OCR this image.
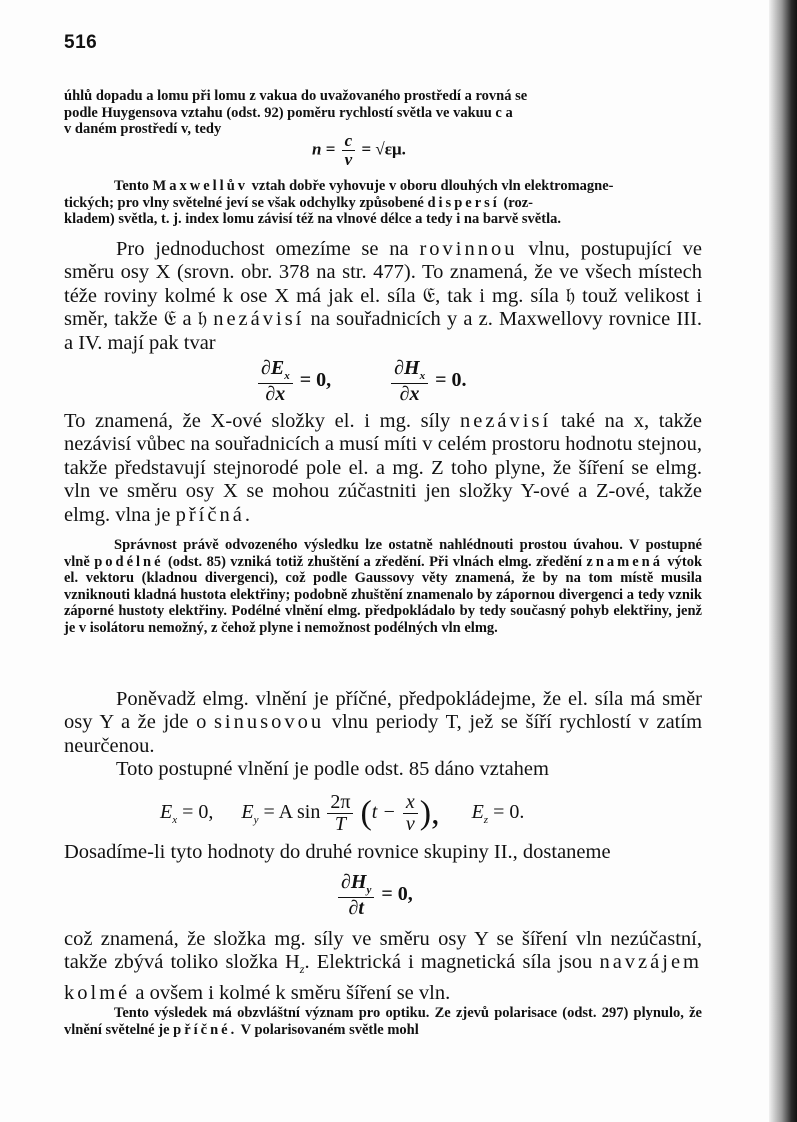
516

úhlů dopadu a lomu při lomu z vakua do uvažovaného prostředí a rovná se

podle Huygensova vztahu (odst. 92) poměru rychlostí světla ve vakuu c a

v daném prostředí v, tedy

$n = \frac{c}{v} = √\varepsilon\mu$.

Tento Maxwellův vztah dobře vyhovuje v oboru dlouhých vln elektromagne-

tických; pro vlny světelné jeví se však odchylky způsobené dispersí (roz-

kladem) světla, t. j. index lomu závisí též na vlnové délce a tedy i na barvě světla.

Pro jednoduchost omezíme se na rovinnou vlnu, postupující ve směru osy X (srovn. obr. 378 na str. 477). To znamená, že ve všech místech téže roviny kolmé k ose X má jak el. síla 𝔈, tak i mg. síla 𝔥 touž velikost i směr, takže 𝔈 a 𝔥 nezávisí na souřadnicích y a z. Maxwellovy rovnice III. a IV. mají pak tvar

$\frac{\partial E_x}{\partial x} = 0$,	$\frac{\partial H_x}{\partial x} = 0$.

To znamená, že X-ové složky el. i mg. síly nezávisí také na x, takže nezávisí vůbec na souřadnicích a musí míti v celém prostoru hodnotu stejnou, takže představují stejnorodé pole el. a mg. Z toho plyne, že šíření se elmg. vln ve směru osy X se mohou zúčastniti jen složky Y-ové a Z-ové, takže elmg. vlna je příčná.

Správnost právě odvozeného výsledku lze ostatně nahlédnouti prostou úvahou. V postupné vlně podélné (odst. 85) vzniká totiž zhuštění a zředění. Při vlnách elmg. zředění znamená výtok el. vektoru (kladnou divergenci), což podle Gaussovy věty znamená, že by na tom místě musila vzniknouti kladná hustota elektřiny; podobně zhuštění znamenalo by zápornou divergenci a tedy vznik záporné hustoty elektřiny. Podélné vlnění elmg. předpokládalo by tedy současný pohyb elektřiny, jenž je v isolátoru nemožný, z čehož plyne i nemožnost podélných vln elmg.

Poněvadž elmg. vlnění je příčné, předpokládejme, že el. síla má směr osy Y a že jde o sinusovou vlnu periody T, jež se šíří rychlostí v zatím neurčenou.

Toto postupné vlnění je podle odst. 85 dáno vztahem

$E_x = 0$, $E_y = A$ $\sin \frac{2\pi}{T} (t - \frac{x}{v}$ ), $E_z = 0$.

Dosadíme-li tyto hodnoty do druhé rovnice skupiny II., dostaneme

$\frac{\partial H_y}{\partial t} = 0$,

což znamená, že složka mg. síly ve směru osy Y se šíření vln nezúčastní, takže zbývá toliko složka $H_z$. Elektrická i magnetická síla jsou navzájem kolmé a ovšem i kolmé k směru šíření se vln.

Tento výsledek má obzvláštní význam pro optiku. Ze zjevů polarisace (odst. 297) plynulo, že vlnění světelné je příčné. V polarisovaném světle mohl
